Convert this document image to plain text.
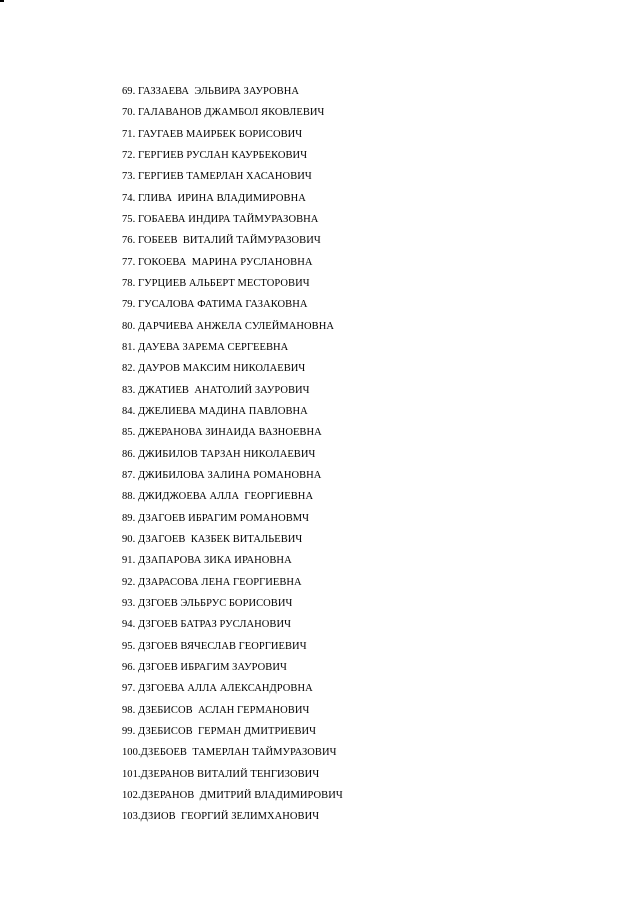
69. ГАЗЗАЕВА  ЭЛЬВИРА ЗАУРОВНА
70. ГАЛАВАНОВ ДЖАМБОЛ ЯКОВЛЕВИЧ
71. ГАУГАЕВ МАИРБЕК БОРИСОВИЧ
72. ГЕРГИЕВ РУСЛАН КАУРБЕКОВИЧ
73. ГЕРГИЕВ ТАМЕРЛАН ХАСАНОВИЧ
74. ГЛИВА  ИРИНА ВЛАДИМИРОВНА
75. ГОБАЕВА ИНДИРА ТАЙМУРАЗОВНА
76. ГОБЕЕВ  ВИТАЛИЙ ТАЙМУРАЗОВИЧ
77. ГОКОЕВА  МАРИНА РУСЛАНОВНА
78. ГУРЦИЕВ АЛЬБЕРТ МЕСТОРОВИЧ
79. ГУСАЛОВА ФАТИМА ГАЗАКОВНА
80. ДАРЧИЕВА АНЖЕЛА СУЛЕЙМАНОВНА
81. ДАУЕВА ЗАРЕМА СЕРГЕЕВНА
82. ДАУРОВ МАКСИМ НИКОЛАЕВИЧ
83. ДЖАТИЕВ  АНАТОЛИЙ ЗАУРОВИЧ
84. ДЖЕЛИЕВА МАДИНА ПАВЛОВНА
85. ДЖЕРАНОВА ЗИНАИДА ВАЗНОЕВНА
86. ДЖИБИЛОВ ТАРЗАН НИКОЛАЕВИЧ
87. ДЖИБИЛОВА ЗАЛИНА РОМАНОВНА
88. ДЖИДЖОЕВА АЛЛА  ГЕОРГИЕВНА
89. ДЗАГОЕВ ИБРАГИМ РОМАНОВМЧ
90. ДЗАГОЕВ  КАЗБЕК ВИТАЛЬЕВИЧ
91. ДЗАПАРОВА ЗИКА ИРАНОВНА
92. ДЗАРАСОВА ЛЕНА ГЕОРГИЕВНА
93. ДЗГОЕВ ЭЛЬБРУС БОРИСОВИЧ
94. ДЗГОЕВ БАТРАЗ РУСЛАНОВИЧ
95. ДЗГОЕВ ВЯЧЕСЛАВ ГЕОРГИЕВИЧ
96. ДЗГОЕВ ИБРАГИМ ЗАУРОВИЧ
97. ДЗГОЕВА АЛЛА АЛЕКСАНДРОВНА
98. ДЗЕБИСОВ  АСЛАН ГЕРМАНОВИЧ
99. ДЗЕБИСОВ  ГЕРМАН ДМИТРИЕВИЧ
100.ДЗЕБОЕВ  ТАМЕРЛАН ТАЙМУРАЗОВИЧ
101.ДЗЕРАНОВ ВИТАЛИЙ ТЕНГИЗОВИЧ
102.ДЗЕРАНОВ  ДМИТРИЙ ВЛАДИМИРОВИЧ
103.ДЗИОВ  ГЕОРГИЙ ЗЕЛИМХАНОВИЧ
